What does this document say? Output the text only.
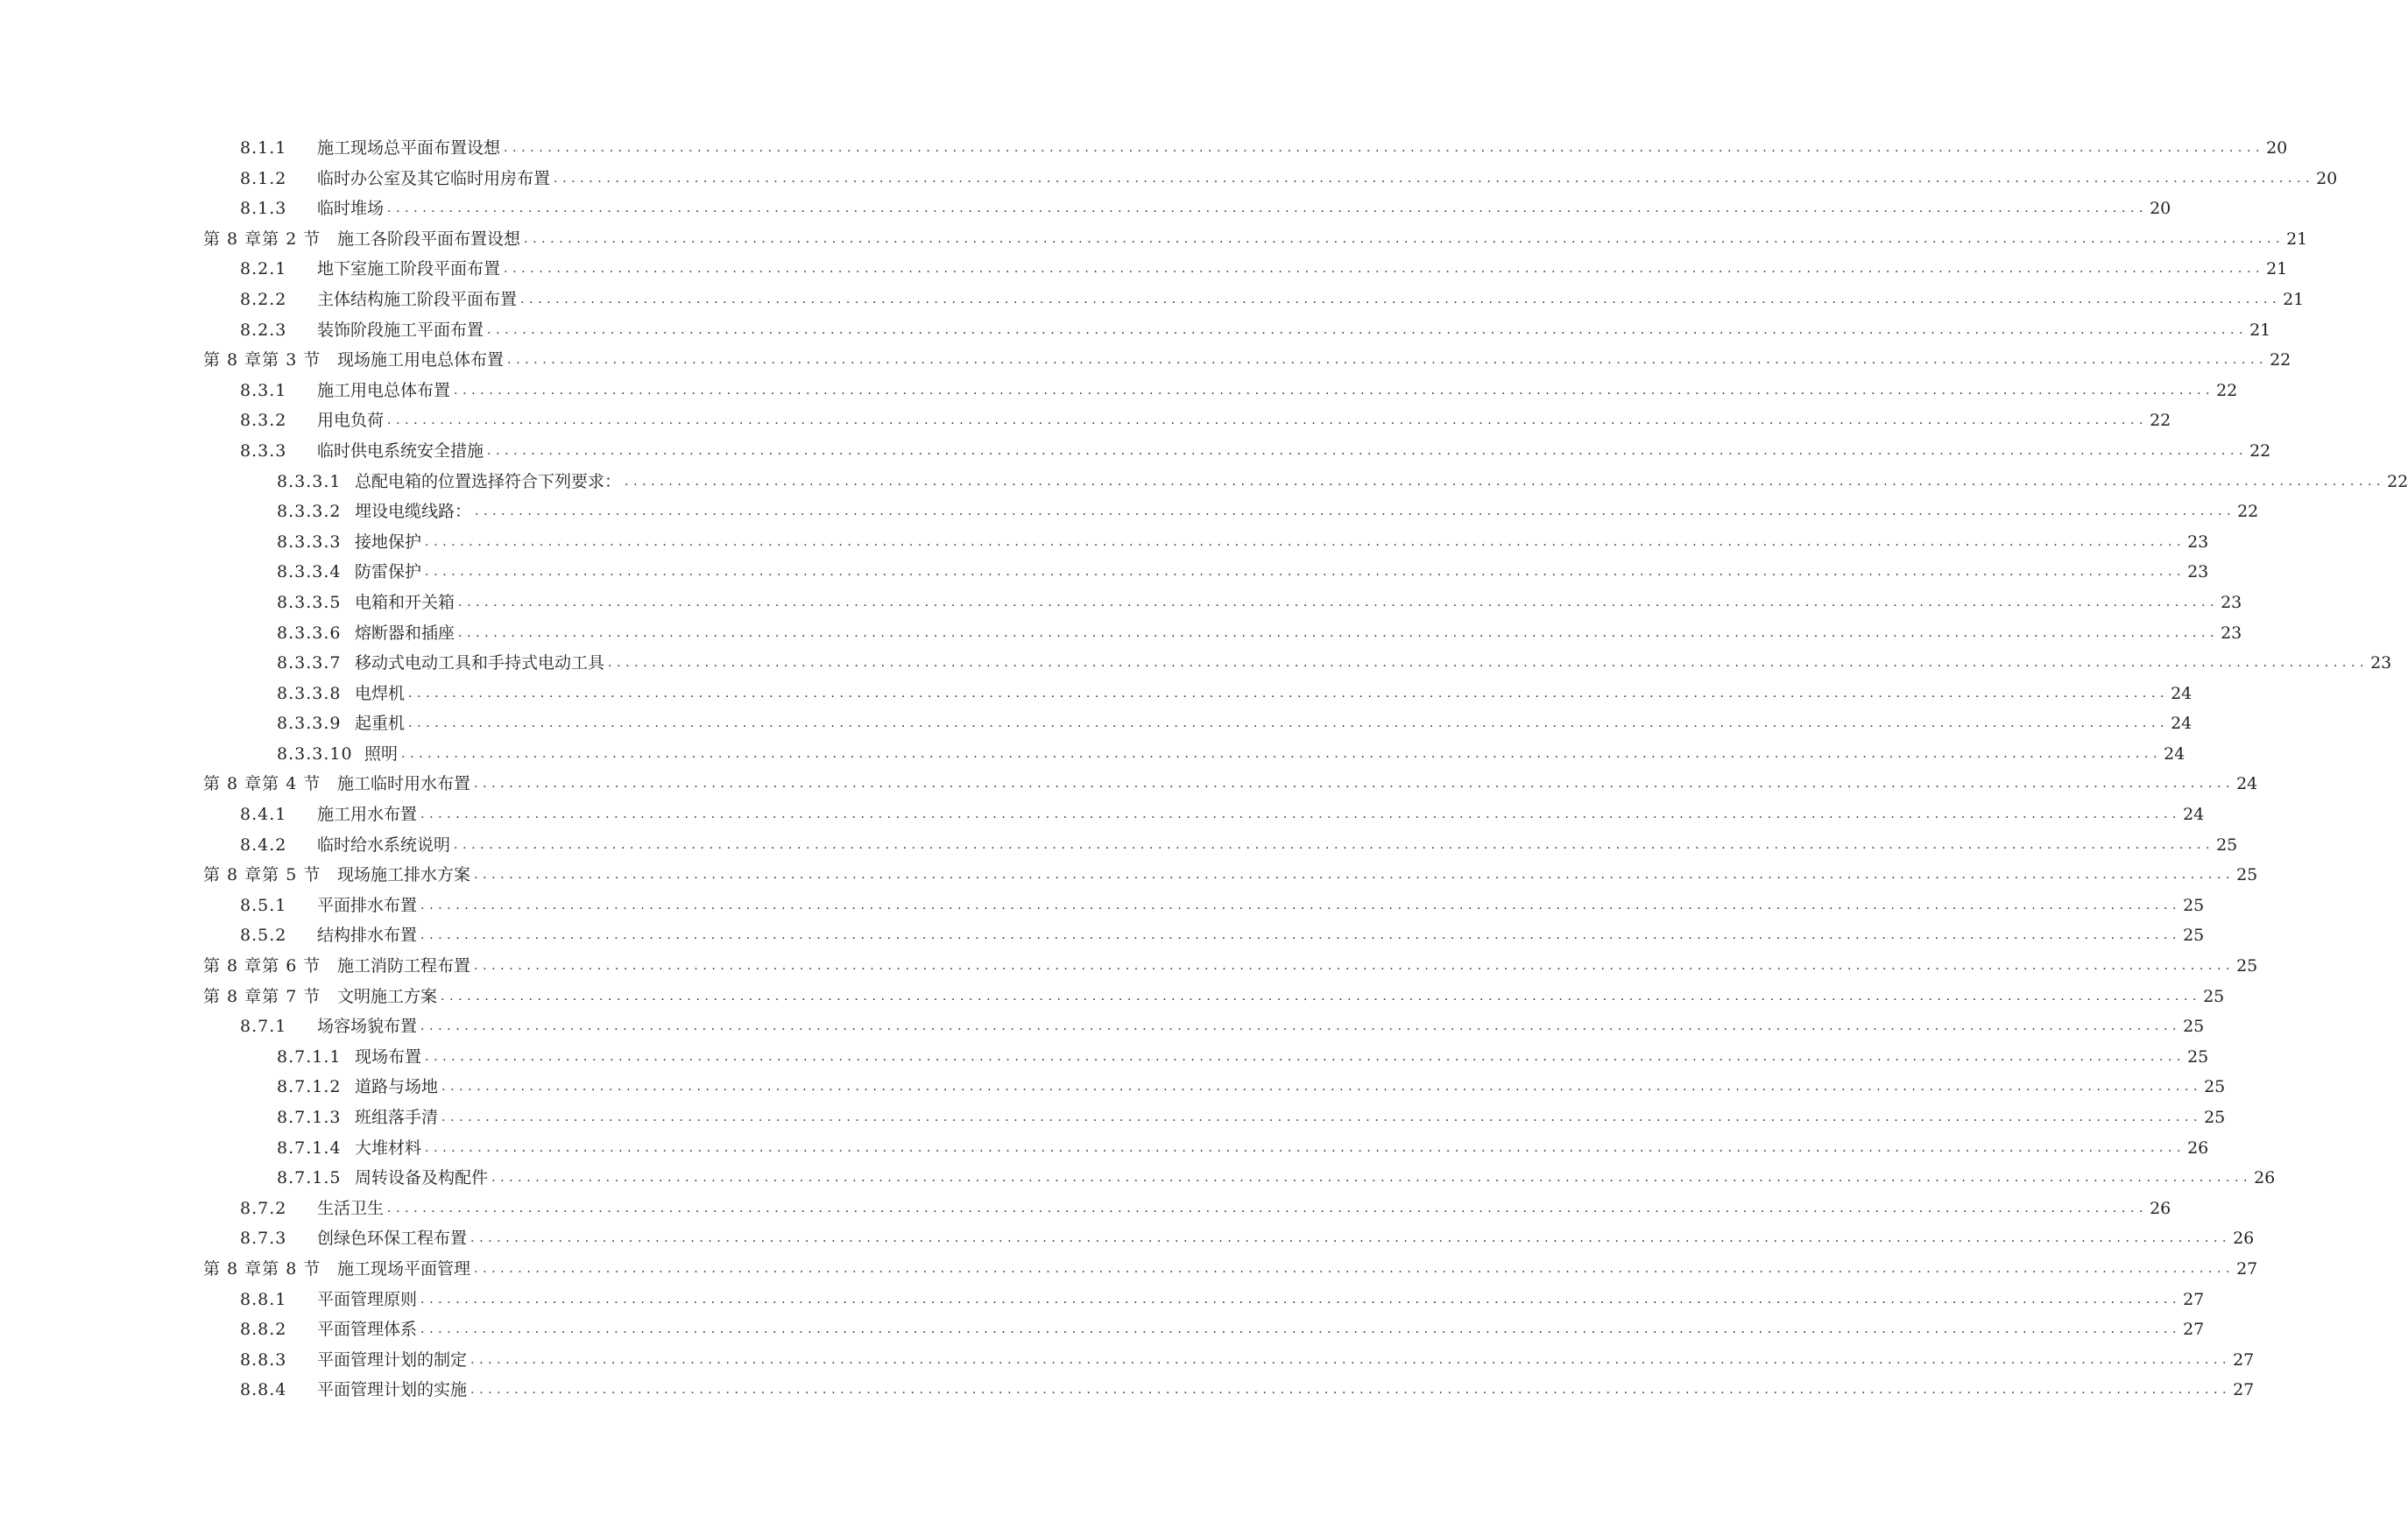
8.1.1 施工现场总平面布置设想 ........................................................................................................................................................................................................ 20
8.1.2 临时办公室及其它临时用房布置 ........................................................................................................................................................................................................ 20
8.1.3 临时堆场 ........................................................................................................................................................................................................ 20
第 8 章第 2 节 施工各阶段平面布置设想 ........................................................................................................................................................................................................ 21
8.2.1 地下室施工阶段平面布置 ........................................................................................................................................................................................................ 21
8.2.2 主体结构施工阶段平面布置 ........................................................................................................................................................................................................ 21
8.2.3 装饰阶段施工平面布置 ........................................................................................................................................................................................................ 21
第 8 章第 3 节 现场施工用电总体布置 ........................................................................................................................................................................................................ 22
8.3.1 施工用电总体布置 ........................................................................................................................................................................................................ 22
8.3.2 用电负荷 ........................................................................................................................................................................................................ 22
8.3.3 临时供电系统安全措施 ........................................................................................................................................................................................................ 22
8.3.3.1 总配电箱的位置选择符合下列要求： ........................................................................................................................................................................................................ 22
8.3.3.2 埋设电缆线路： ........................................................................................................................................................................................................ 22
8.3.3.3 接地保护 ........................................................................................................................................................................................................ 23
8.3.3.4 防雷保护 ........................................................................................................................................................................................................ 23
8.3.3.5 电箱和开关箱 ........................................................................................................................................................................................................ 23
8.3.3.6 熔断器和插座 ........................................................................................................................................................................................................ 23
8.3.3.7 移动式电动工具和手持式电动工具 ........................................................................................................................................................................................................ 23
8.3.3.8 电焊机 ........................................................................................................................................................................................................ 24
8.3.3.9 起重机 ........................................................................................................................................................................................................ 24
8.3.3.10 照明 ........................................................................................................................................................................................................ 24
第 8 章第 4 节 施工临时用水布置 ........................................................................................................................................................................................................ 24
8.4.1 施工用水布置 ........................................................................................................................................................................................................ 24
8.4.2 临时给水系统说明 ........................................................................................................................................................................................................ 25
第 8 章第 5 节 现场施工排水方案 ........................................................................................................................................................................................................ 25
8.5.1 平面排水布置 ........................................................................................................................................................................................................ 25
8.5.2 结构排水布置 ........................................................................................................................................................................................................ 25
第 8 章第 6 节 施工消防工程布置 ........................................................................................................................................................................................................ 25
第 8 章第 7 节 文明施工方案 ........................................................................................................................................................................................................ 25
8.7.1 场容场貌布置 ........................................................................................................................................................................................................ 25
8.7.1.1 现场布置 ........................................................................................................................................................................................................ 25
8.7.1.2 道路与场地 ........................................................................................................................................................................................................ 25
8.7.1.3 班组落手清 ........................................................................................................................................................................................................ 25
8.7.1.4 大堆材料 ........................................................................................................................................................................................................ 26
8.7.1.5 周转设备及构配件 ........................................................................................................................................................................................................ 26
8.7.2 生活卫生 ........................................................................................................................................................................................................ 26
8.7.3 创绿色环保工程布置 ........................................................................................................................................................................................................ 26
第 8 章第 8 节 施工现场平面管理 ........................................................................................................................................................................................................ 27
8.8.1 平面管理原则 ........................................................................................................................................................................................................ 27
8.8.2 平面管理体系 ........................................................................................................................................................................................................ 27
8.8.3 平面管理计划的制定 ........................................................................................................................................................................................................ 27
8.8.4 平面管理计划的实施 ........................................................................................................................................................................................................ 27
